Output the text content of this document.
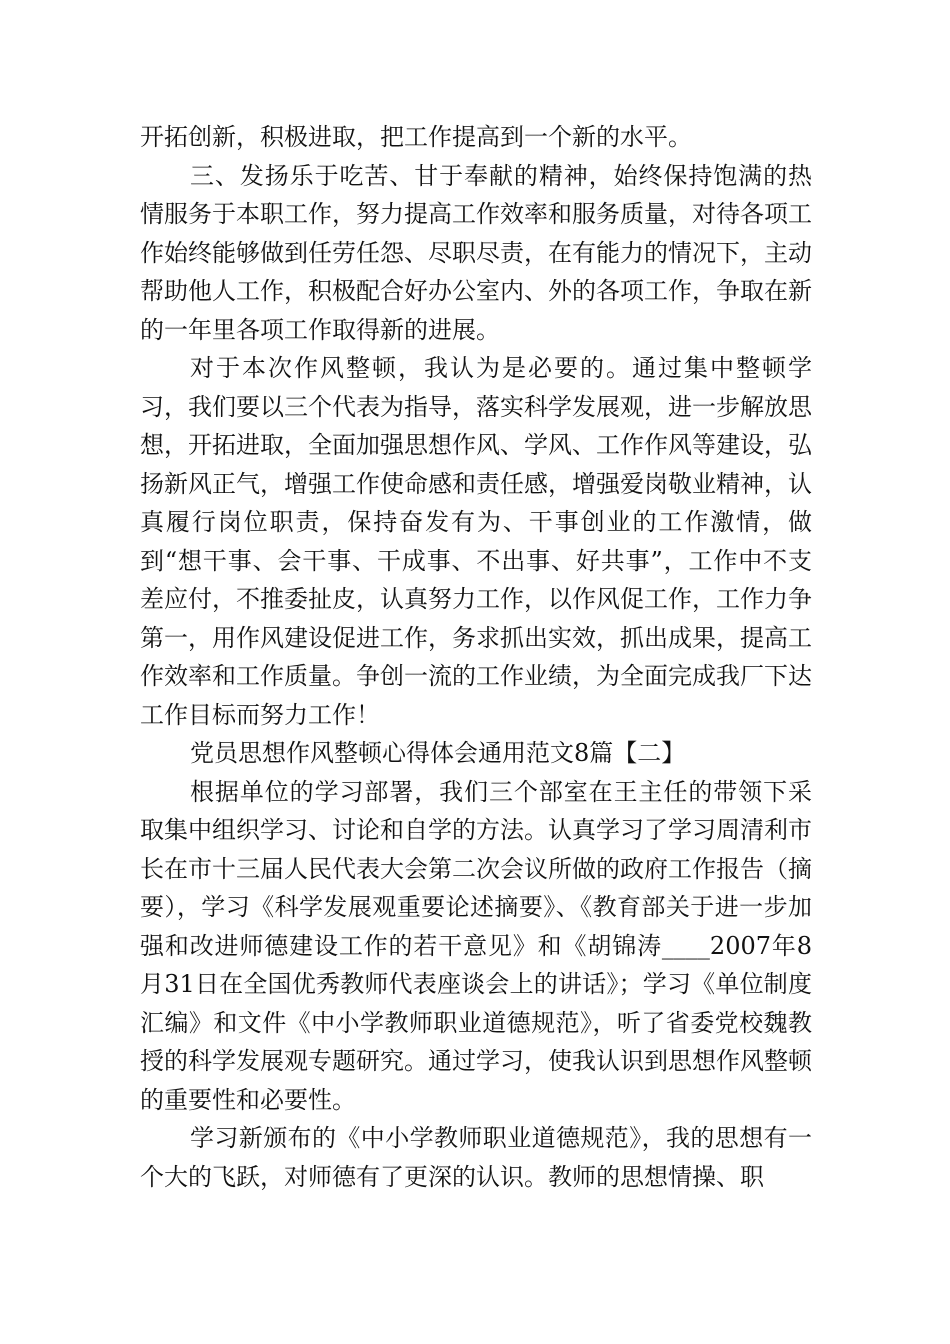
开拓创新，积极进取，把工作提高到一个新的水平。

三、发扬乐于吃苦、甘于奉献的精神，始终保持饱满的热情服务于本职工作，努力提高工作效率和服务质量，对待各项工作始终能够做到任劳任怨、尽职尽责，在有能力的情况下，主动帮助他人工作，积极配合好办公室内、外的各项工作，争取在新的一年里各项工作取得新的进展。

对于本次作风整顿，我认为是必要的。通过集中整顿学习，我们要以三个代表为指导，落实科学发展观，进一步解放思想，开拓进取，全面加强思想作风、学风、工作作风等建设，弘扬新风正气，增强工作使命感和责任感，增强爱岗敬业精神，认真履行岗位职责，保持奋发有为、干事创业的工作激情，做到“想干事、会干事、干成事、不出事、好共事”，工作中不支差应付，不推委扯皮，认真努力工作，以作风促工作，工作力争第一，用作风建设促进工作，务求抓出实效，抓出成果，提高工作效率和工作质量。争创一流的工作业绩，为全面完成我厂下达工作目标而努力工作！

党员思想作风整顿心得体会通用范文8篇【二】

根据单位的学习部署，我们三个部室在王主任的带领下采取集中组织学习、讨论和自学的方法。认真学习了学习周清利市长在市十三届人民代表大会第二次会议所做的政府工作报告（摘要），学习《科学发展观重要论述摘要》、《教育部关于进一步加强和改进师德建设工作的若干意见》和《胡锦涛____2007年8月31日在全国优秀教师代表座谈会上的讲话》；学习《单位制度汇编》和文件《中小学教师职业道德规范》，听了省委党校魏教授的科学发展观专题研究。通过学习，使我认识到思想作风整顿的重要性和必要性。

学习新颁布的《中小学教师职业道德规范》，我的思想有一个大的飞跃，对师德有了更深的认识。教师的思想情操、职
